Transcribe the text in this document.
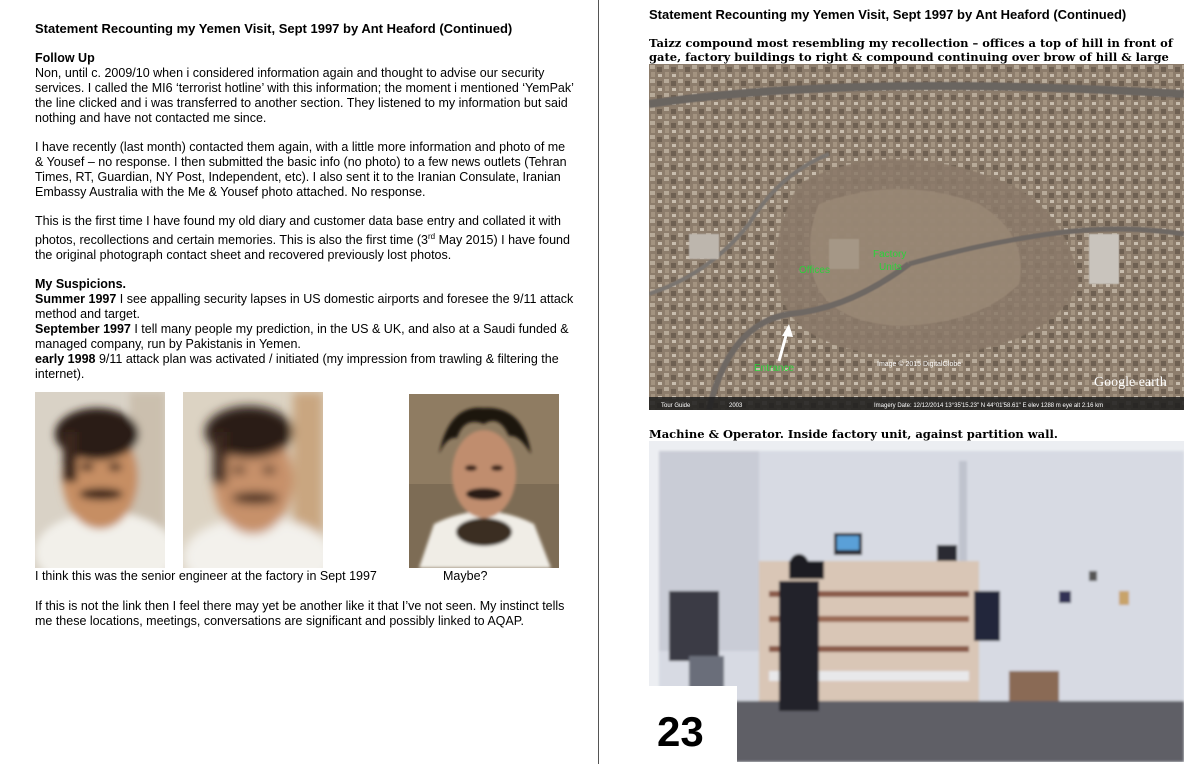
Statement Recounting my Yemen Visit, Sept 1997 by Ant Heaford (Continued)
Follow Up

Non, until c. 2009/10 when i considered information again and thought to advise our security services. I called the MI6 ‘terrorist hotline’ with this information; the moment i mentioned ‘YemPak’ the line clicked and i was transferred to another section. They listened to my information but said nothing and have not contacted me since.

I have recently (last month) contacted them again, with a little more information and photo of me & Yousef – no response. I then submitted the basic info (no photo) to a few news outlets (Tehran Times, RT, Guardian, NY Post, Independent, etc). I also sent it to the Iranian Consulate, Iranian Embassy Australia with the Me & Yousef photo attached. No response.

This is the first time I have found my old diary and customer data base entry and collated it with photos, recollections and certain memories. This is also the first time (3rd May 2015) I have found the original photograph contact sheet and recovered previously lost photos.

My Suspicions.
Summer 1997 I see appalling security lapses in US domestic airports and foresee the 9/11 attack method and target.
September 1997 I tell many people my prediction, in the US & UK, and also at a Saudi funded & managed company, run by Pakistanis in Yemen.
early 1998 9/11 attack plan was activated / initiated (my impression from trawling & filtering the internet).
I think this was the senior engineer at the factory in Sept 1997	Maybe?
If this is not the link then I feel there may yet be another like it that I’ve not seen. My instinct tells me these locations, meetings, conversations are significant and possibly linked to AQAP.
Statement Recounting my Yemen Visit, Sept 1997 by Ant Heaford (Continued)
Taizz compound most resembling my recollection – offices a top of hill in front of gate, factory buildings to right & compound continuing over brow of hill & large
Offices
Factory
Units
Entrance	Image © 2015 DigitalGlobe
Google earth
Tour Guide	2003	Imagery Date: 12/12/2014 13°35'15.23" N 44°01'58.61" E elev 1288 m eye alt 2.16 km
Machine & Operator. Inside factory unit, against partition wall.
23
